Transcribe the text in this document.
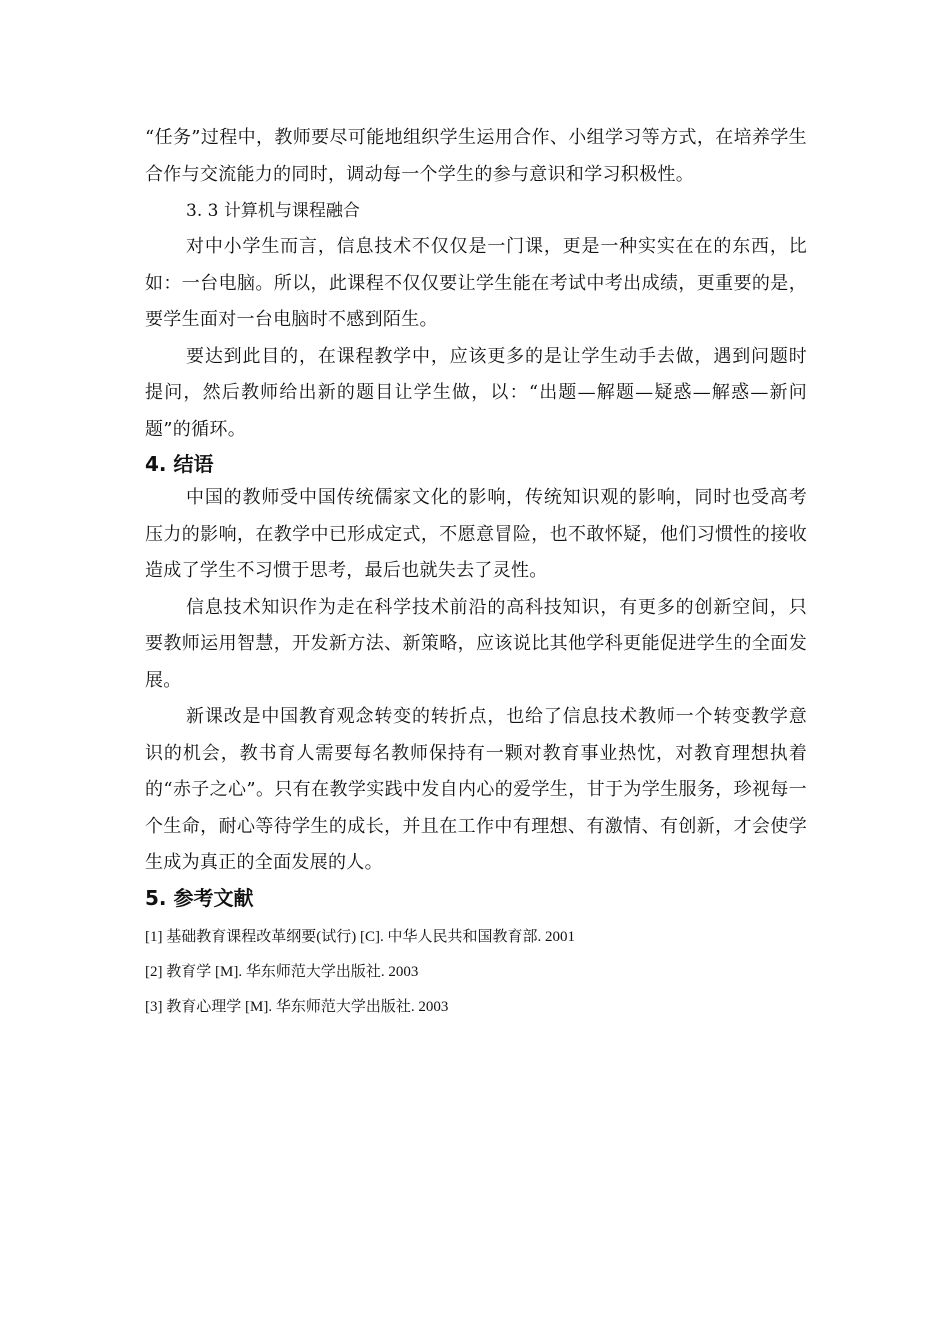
“任务”过程中，教师要尽可能地组织学生运用合作、小组学习等方式，在培养学生合作与交流能力的同时，调动每一个学生的参与意识和学习积极性。

3. 3 计算机与课程融合

对中小学生而言，信息技术不仅仅是一门课，更是一种实实在在的东西，比如：一台电脑。所以，此课程不仅仅要让学生能在考试中考出成绩，更重要的是，要学生面对一台电脑时不感到陌生。

要达到此目的，在课程教学中，应该更多的是让学生动手去做，遇到问题时提问，然后教师给出新的题目让学生做，以：“出题—解题—疑惑—解惑—新问题”的循环。

4. 结语

中国的教师受中国传统儒家文化的影响，传统知识观的影响，同时也受高考压力的影响，在教学中已形成定式，不愿意冒险，也不敢怀疑，他们习惯性的接收造成了学生不习惯于思考，最后也就失去了灵性。

信息技术知识作为走在科学技术前沿的高科技知识，有更多的创新空间，只要教师运用智慧，开发新方法、新策略，应该说比其他学科更能促进学生的全面发展。

新课改是中国教育观念转变的转折点，也给了信息技术教师一个转变教学意识的机会，教书育人需要每名教师保持有一颗对教育事业热忱，对教育理想执着的“赤子之心”。只有在教学实践中发自内心的爱学生，甘于为学生服务，珍视每一个生命，耐心等待学生的成长，并且在工作中有理想、有激情、有创新，才会使学生成为真正的全面发展的人。

5. 参考文献

[1] 基础教育课程改革纲要(试行) [C]. 中华人民共和国教育部. 2001

[2] 教育学 [M]. 华东师范大学出版社. 2003

[3] 教育心理学 [M]. 华东师范大学出版社. 2003
